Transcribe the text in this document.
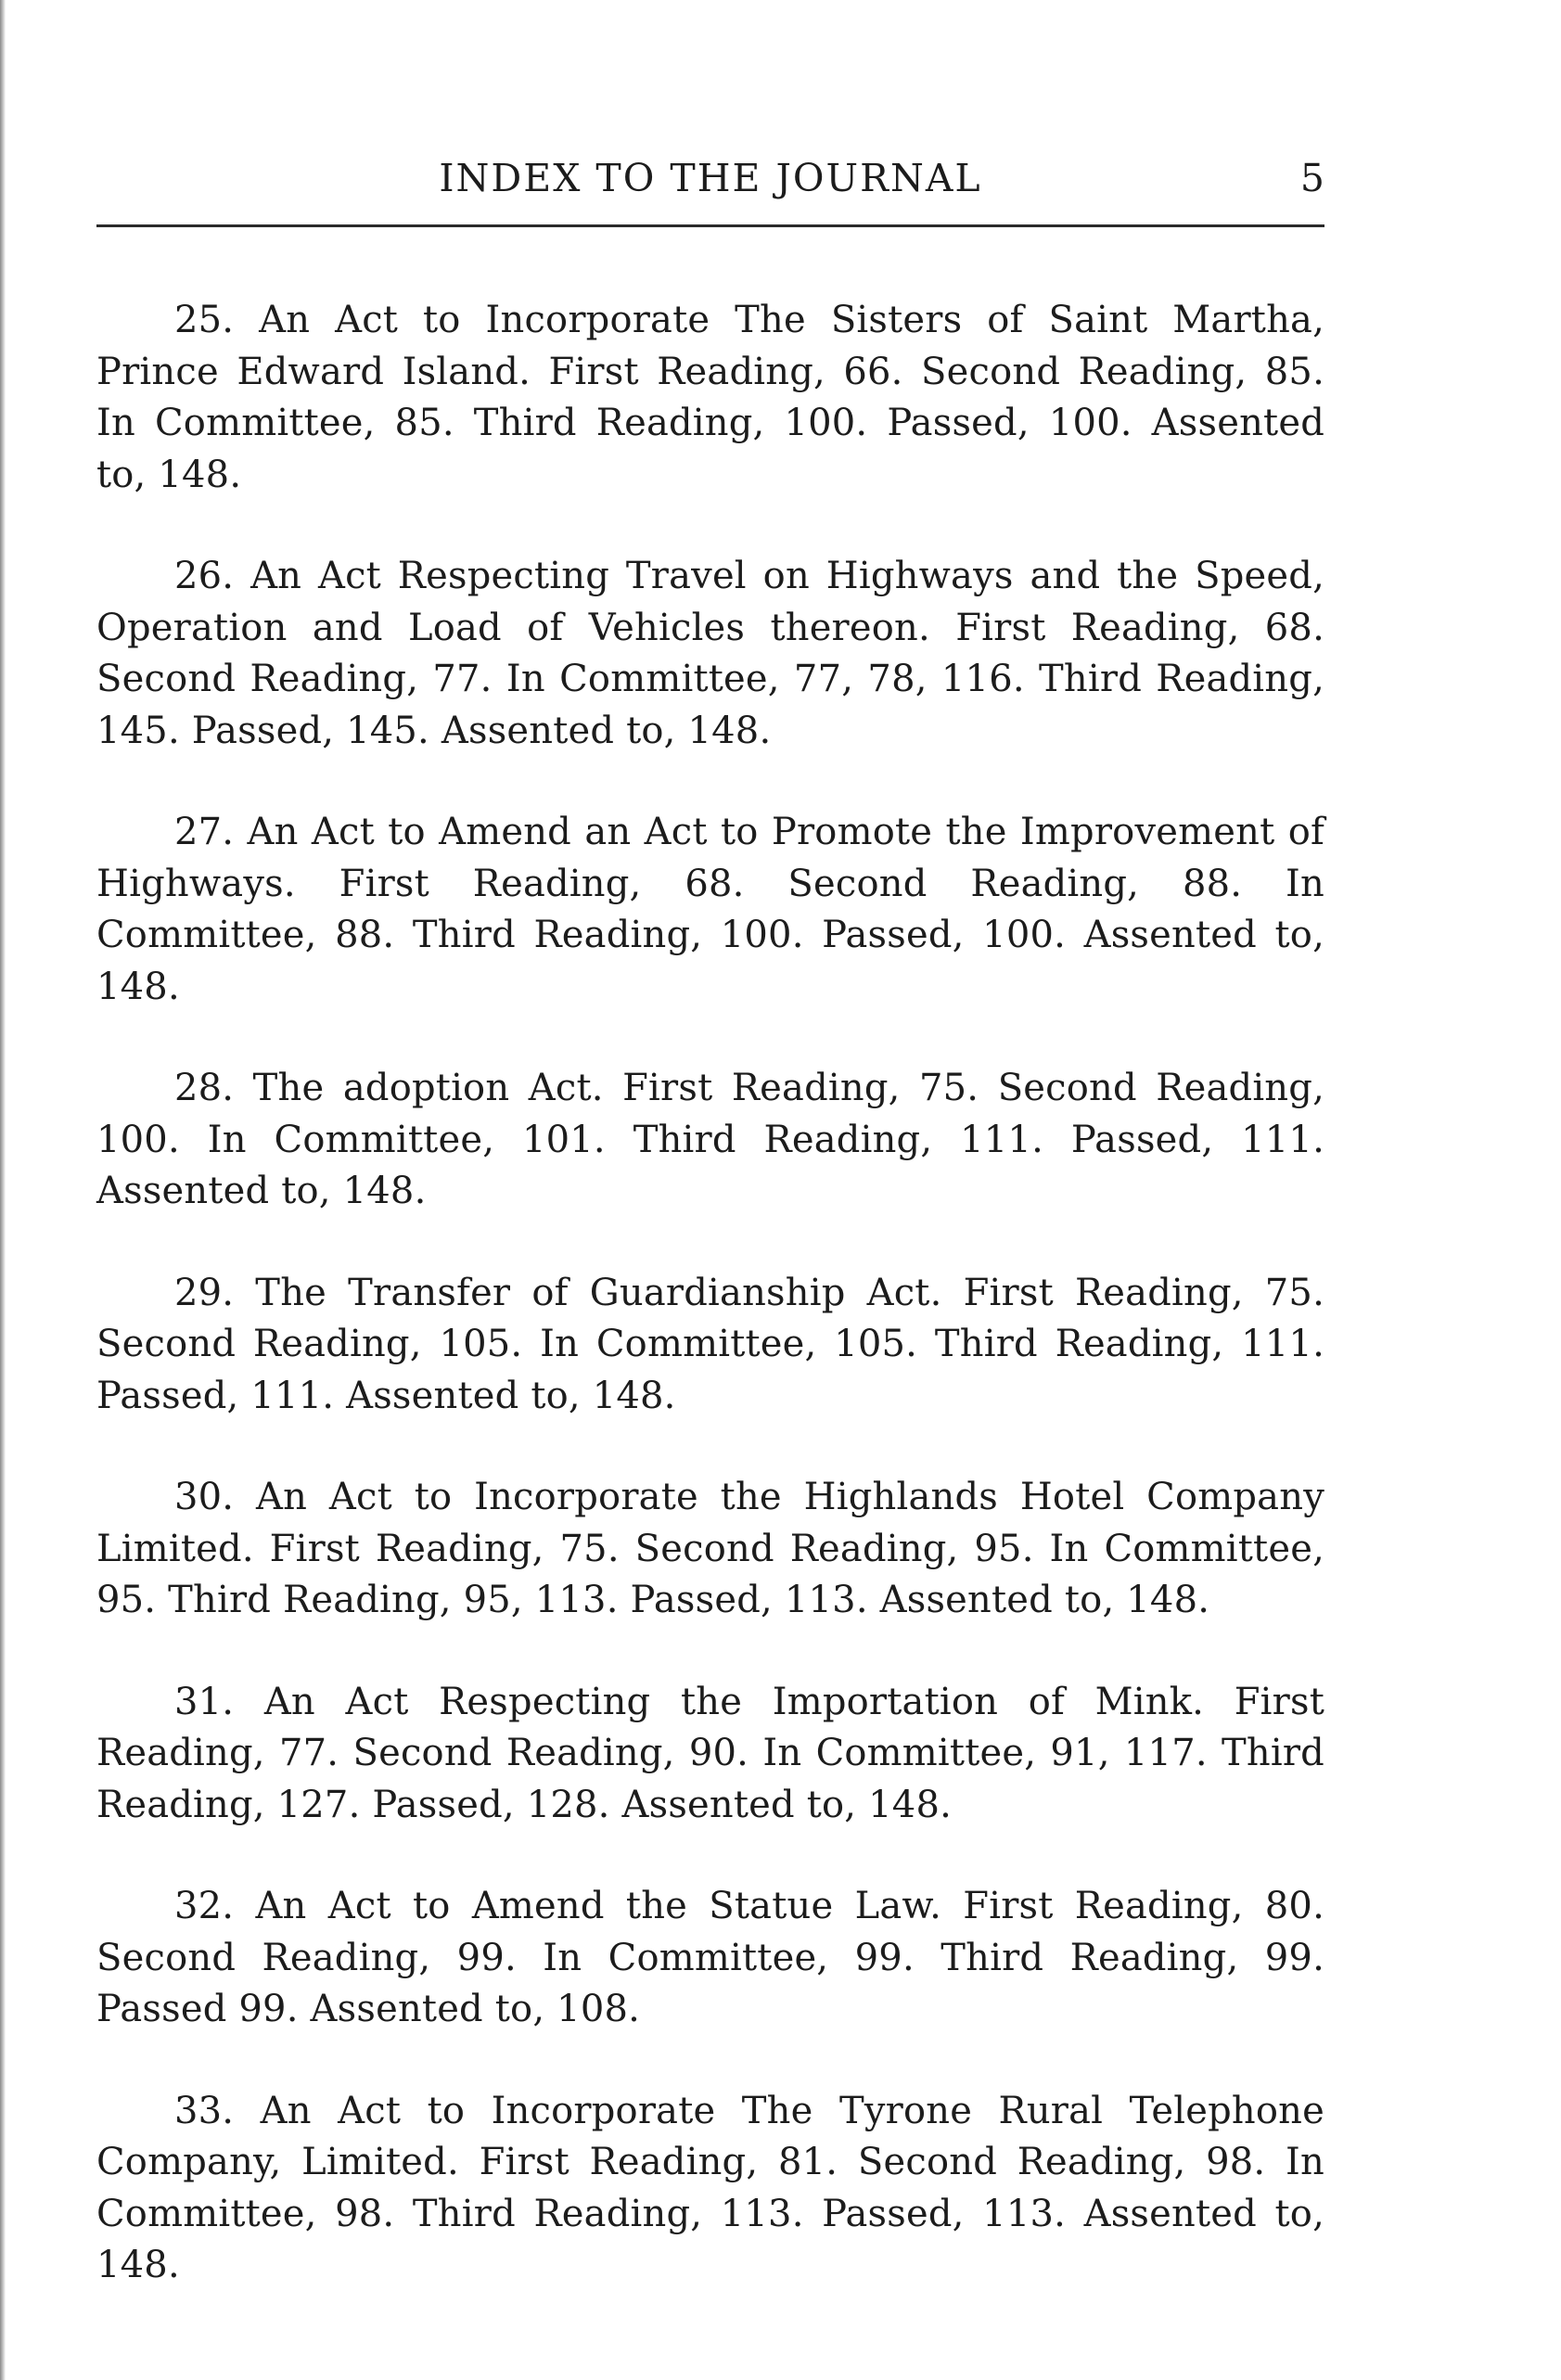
INDEX TO THE JOURNAL	5

25. An Act to Incorporate The Sisters of Saint Martha, Prince Edward Island. First Reading, 66. Second Reading, 85. In Committee, 85. Third Reading, 100. Passed, 100. Assented to, 148.

26. An Act Respecting Travel on Highways and the Speed, Operation and Load of Vehicles thereon. First Reading, 68. Second Reading, 77. In Committee, 77, 78, 116. Third Reading, 145. Passed, 145. Assented to, 148.

27. An Act to Amend an Act to Promote the Improvement of Highways. First Reading, 68. Second Reading, 88. In Committee, 88. Third Reading, 100. Passed, 100. Assented to, 148.

28. The adoption Act. First Reading, 75. Second Reading, 100. In Committee, 101. Third Reading, 111. Passed, 111. Assented to, 148.

29. The Transfer of Guardianship Act. First Reading, 75. Second Reading, 105. In Committee, 105. Third Reading, 111. Passed, 111. Assented to, 148.

30. An Act to Incorporate the Highlands Hotel Company Limited. First Reading, 75. Second Reading, 95. In Committee, 95. Third Reading, 95, 113. Passed, 113. Assented to, 148.

31. An Act Respecting the Importation of Mink. First Reading, 77. Second Reading, 90. In Committee, 91, 117. Third Reading, 127. Passed, 128. Assented to, 148.

32. An Act to Amend the Statue Law. First Reading, 80. Second Reading, 99. In Committee, 99. Third Reading, 99. Passed 99. Assented to, 108.

33. An Act to Incorporate The Tyrone Rural Telephone Company, Limited. First Reading, 81. Second Reading, 98. In Committee, 98. Third Reading, 113. Passed, 113. Assented to, 148.
